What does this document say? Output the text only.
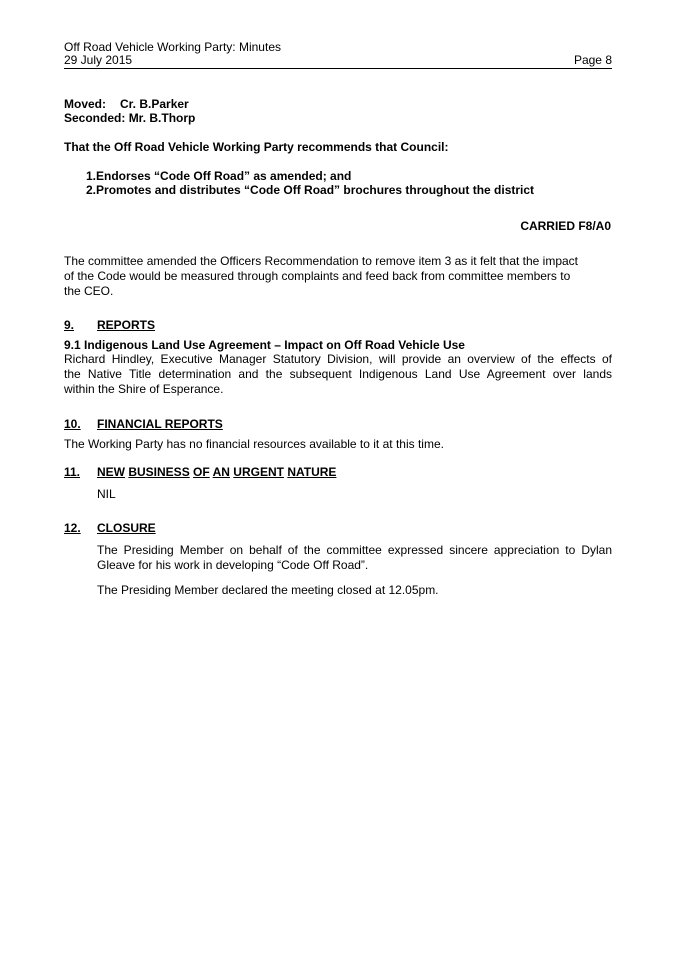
Off Road Vehicle Working Party: Minutes
29 July 2015	Page 8
Moved: Cr. B.Parker
Seconded: Mr. B.Thorp
That the Off Road Vehicle Working Party recommends that Council:
1.Endorses “Code Off Road” as amended; and
2.Promotes and distributes “Code Off Road” brochures throughout the district
CARRIED F8/A0
The committee amended the Officers Recommendation to remove item 3 as it felt that the impact
of the Code would be measured through complaints and feed back from committee members to
the CEO.
9. REPORTS
9.1 Indigenous Land Use Agreement – Impact on Off Road Vehicle Use
Richard Hindley, Executive Manager Statutory Division, will provide an overview of the effects of
the Native Title determination and the subsequent Indigenous Land Use Agreement over lands
within the Shire of Esperance.
10. FINANCIAL REPORTS
The Working Party has no financial resources available to it at this time.
11. NEW BUSINESS OF AN URGENT NATURE
NIL
12. CLOSURE
The Presiding Member on behalf of the committee expressed sincere appreciation to Dylan
Gleave for his work in developing “Code Off Road”.
The Presiding Member declared the meeting closed at 12.05pm.
